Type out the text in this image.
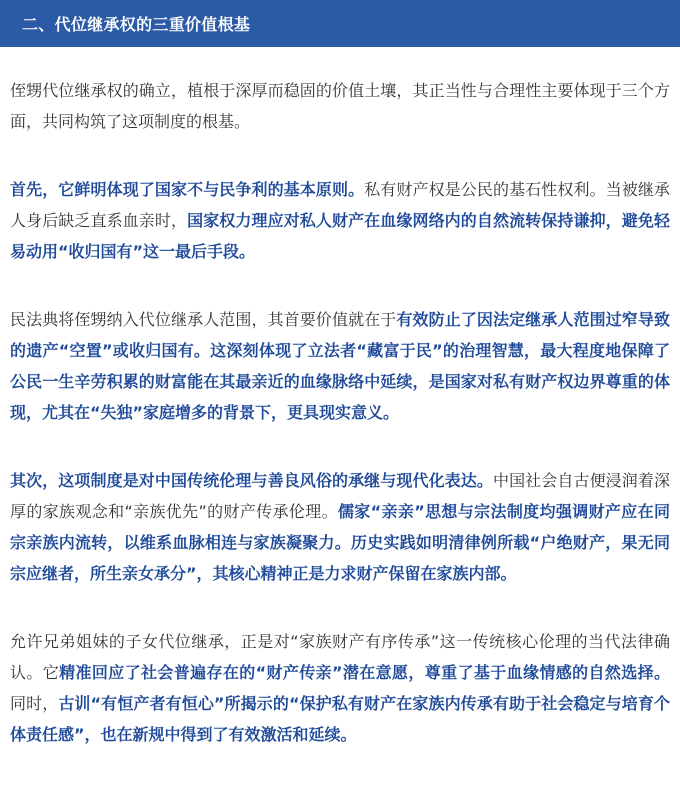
二、代位继承权的三重价值根基

侄甥代位继承权的确立，植根于深厚而稳固的价值土壤，其正当性与合理性主要体现于三个方面，共同构筑了这项制度的根基。

首先，它鲜明体现了国家不与民争利的基本原则。私有财产权是公民的基石性权利。当被继承人身后缺乏直系血亲时，国家权力理应对私人财产在血缘网络内的自然流转保持谦抑，避免轻易动用“收归国有”这一最后手段。

民法典将侄甥纳入代位继承人范围，其首要价值就在于有效防止了因法定继承人范围过窄导致的遗产“空置”或收归国有。这深刻体现了立法者“藏富于民”的治理智慧，最大程度地保障了公民一生辛劳积累的财富能在其最亲近的血缘脉络中延续，是国家对私有财产权边界尊重的体现，尤其在“失独”家庭增多的背景下，更具现实意义。

其次，这项制度是对中国传统伦理与善良风俗的承继与现代化表达。中国社会自古便浸润着深厚的家族观念和“亲族优先”的财产传承伦理。儒家“亲亲”思想与宗法制度均强调财产应在同宗亲族内流转，以维系血脉相连与家族凝聚力。历史实践如明清律例所载“户绝财产，果无同宗应继者，所生亲女承分”，其核心精神正是力求财产保留在家族内部。

允许兄弟姐妹的子女代位继承，正是对“家族财产有序传承”这一传统核心伦理的当代法律确认。它精准回应了社会普遍存在的“财产传亲”潜在意愿，尊重了基于血缘情感的自然选择。同时，古训“有恒产者有恒心”所揭示的“保护私有财产在家族内传承有助于社会稳定与培育个体责任感”，也在新规中得到了有效激活和延续。
